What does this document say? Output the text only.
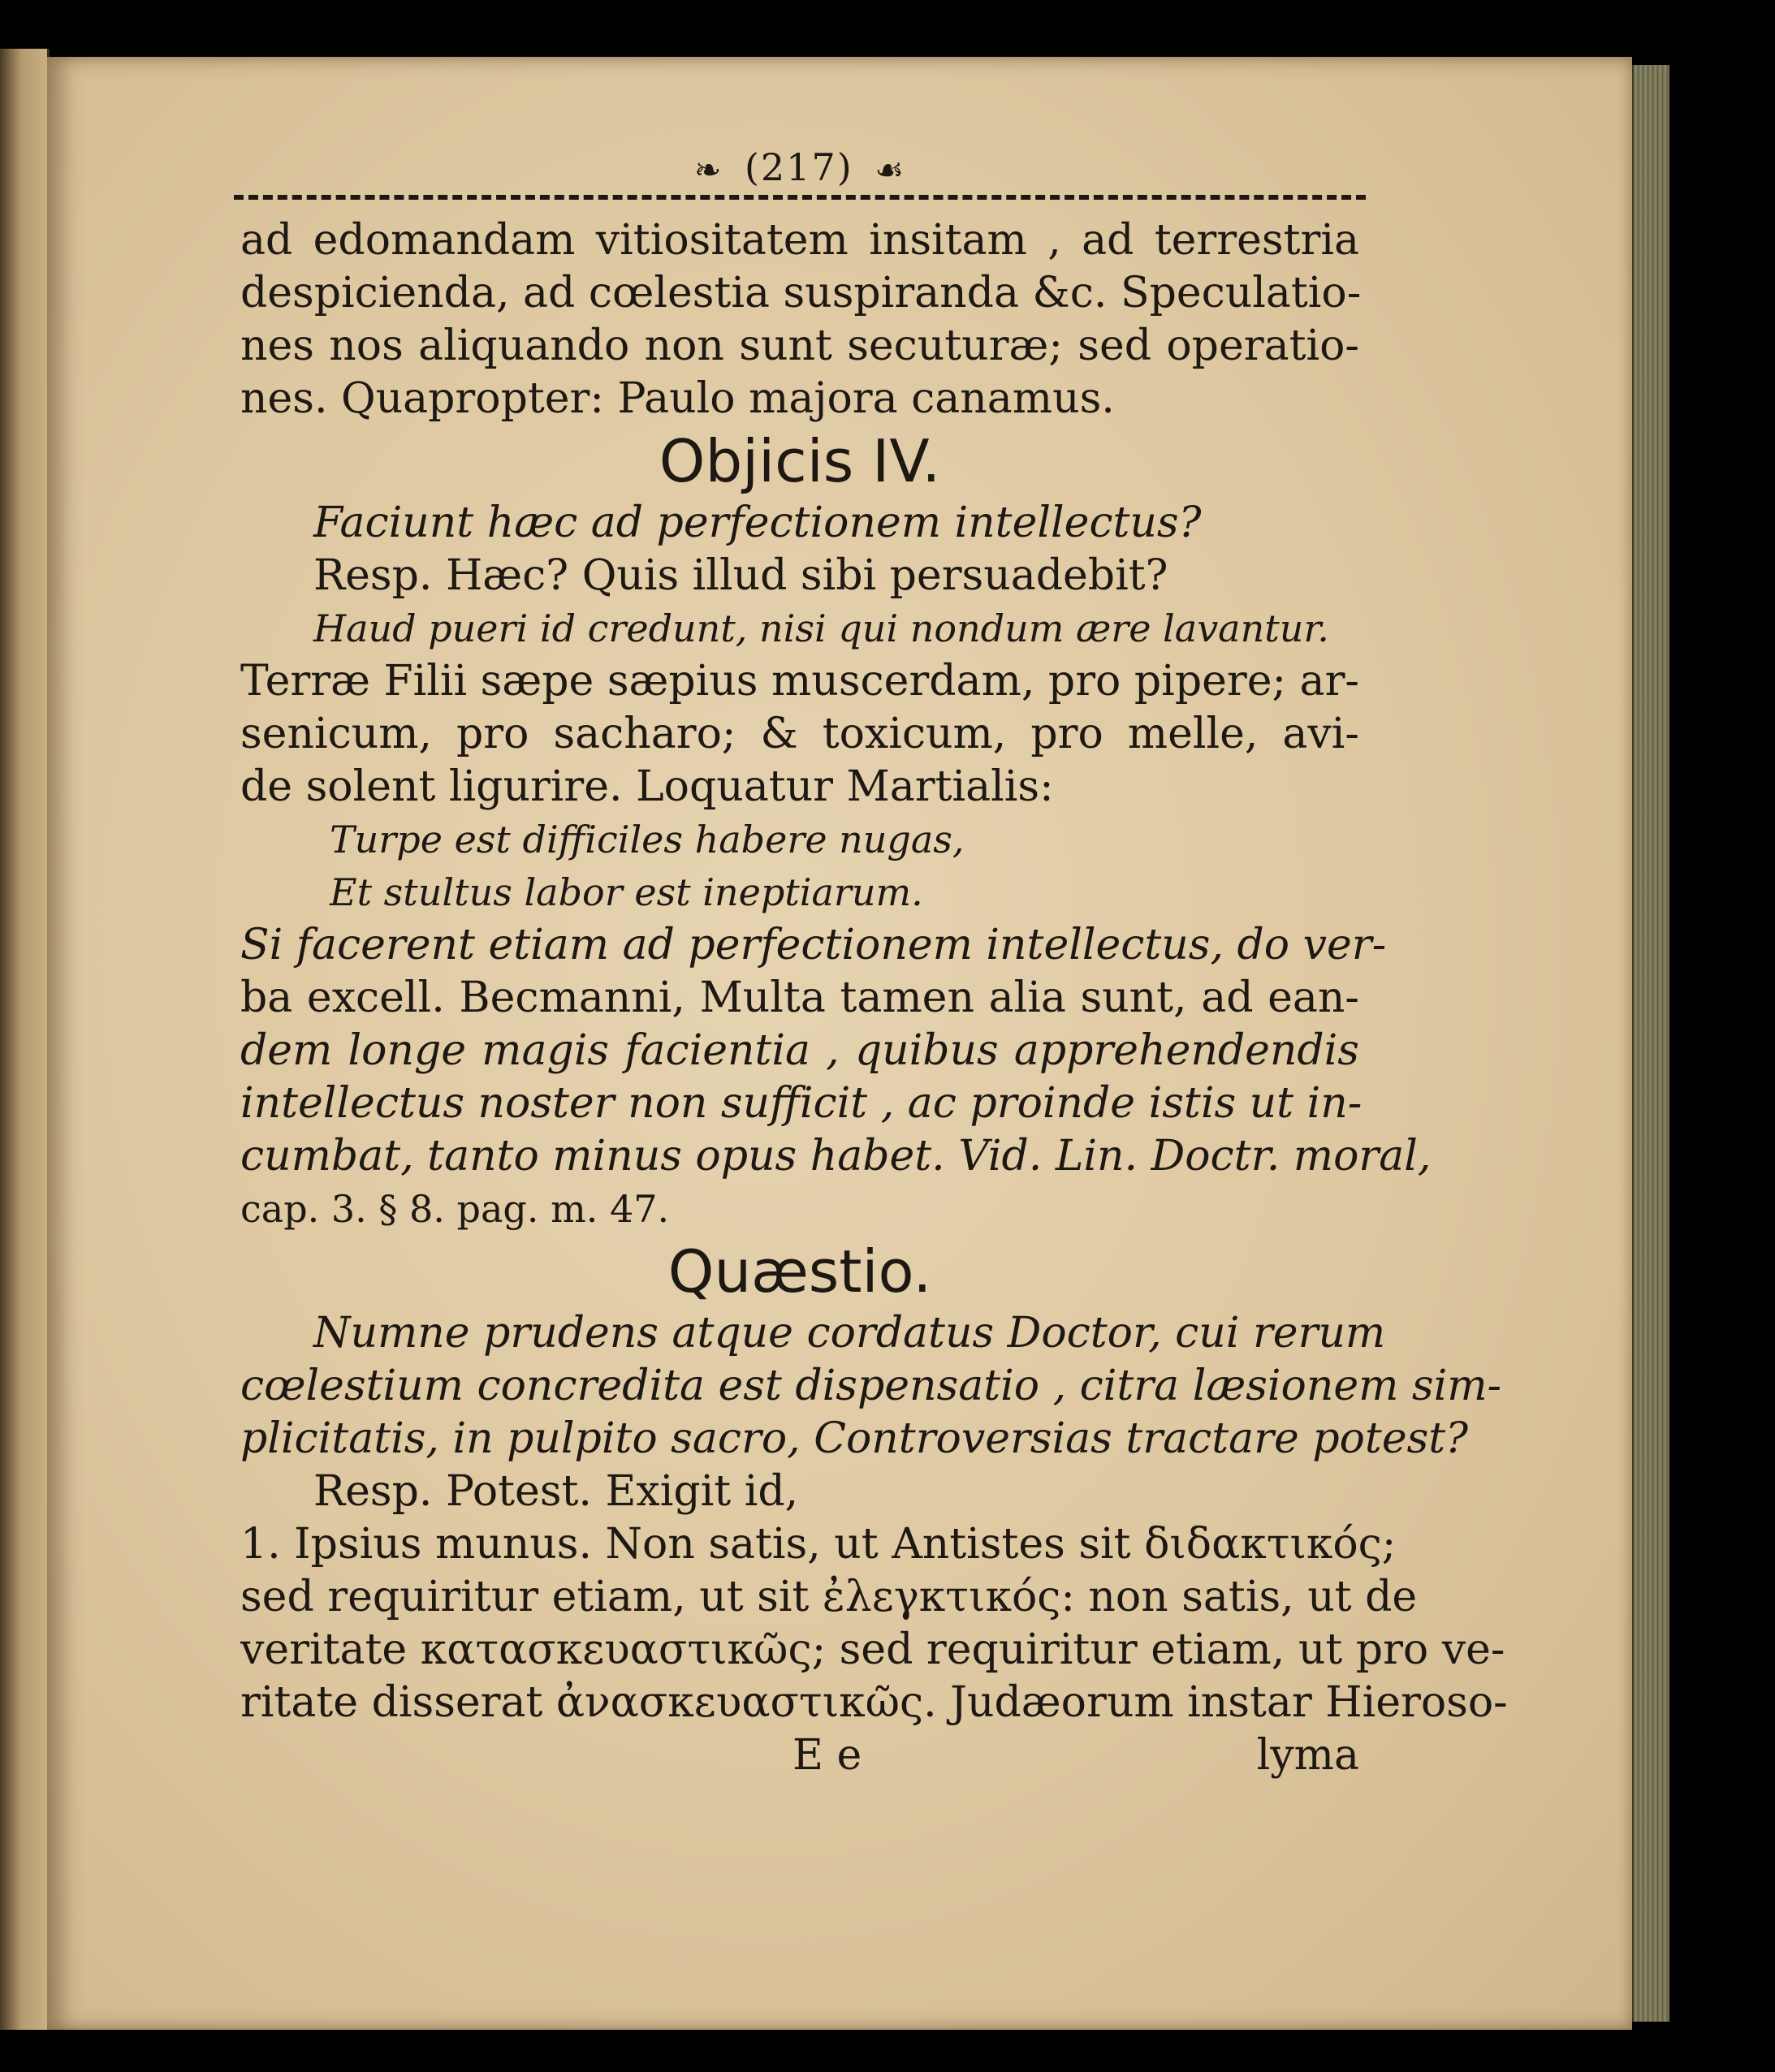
❧ (217) ☙
ad edomandam vitiositatem insitam , ad terrestria
despicienda, ad cœlestia suspiranda &c. Speculatio-
nes nos aliquando non sunt secuturæ; sed operatio-
nes. Quapropter: Paulo majora canamus.
Objicis IV.
Faciunt hæc ad perfectionem intellectus?
Resp. Hæc? Quis illud sibi persuadebit?
Haud pueri id credunt, nisi qui nondum ære lavantur.
Terræ Filii sæpe sæpius muscerdam, pro pipere; ar-
senicum, pro sacharo; & toxicum, pro melle, avi-
de solent ligurire. Loquatur Martialis:
Turpe est difficiles habere nugas,
Et stultus labor est ineptiarum.
Si facerent etiam ad perfectionem intellectus, do ver-
ba excell. Becmanni, Multa tamen alia sunt, ad ean-
dem longe magis facientia , quibus apprehendendis
intellectus noster non sufficit , ac proinde istis ut in-
cumbat, tanto minus opus habet. Vid. Lin. Doctr. moral,
cap. 3. § 8. pag. m. 47.
Quæstio.
Numne prudens atque cordatus Doctor, cui rerum
cœlestium concredita est dispensatio , citra læsionem sim-
plicitatis, in pulpito sacro, Controversias tractare potest?
Resp. Potest. Exigit id,
1. Ipsius munus. Non satis, ut Antistes sit διδακτικός;
sed requiritur etiam, ut sit ἐλεγκτικός: non satis, ut de
veritate κατασκευαστικῶς; sed requiritur etiam, ut pro ve-
ritate disserat ἀνασκευαστικῶς. Judæorum instar Hieroso-
E e	lyma
